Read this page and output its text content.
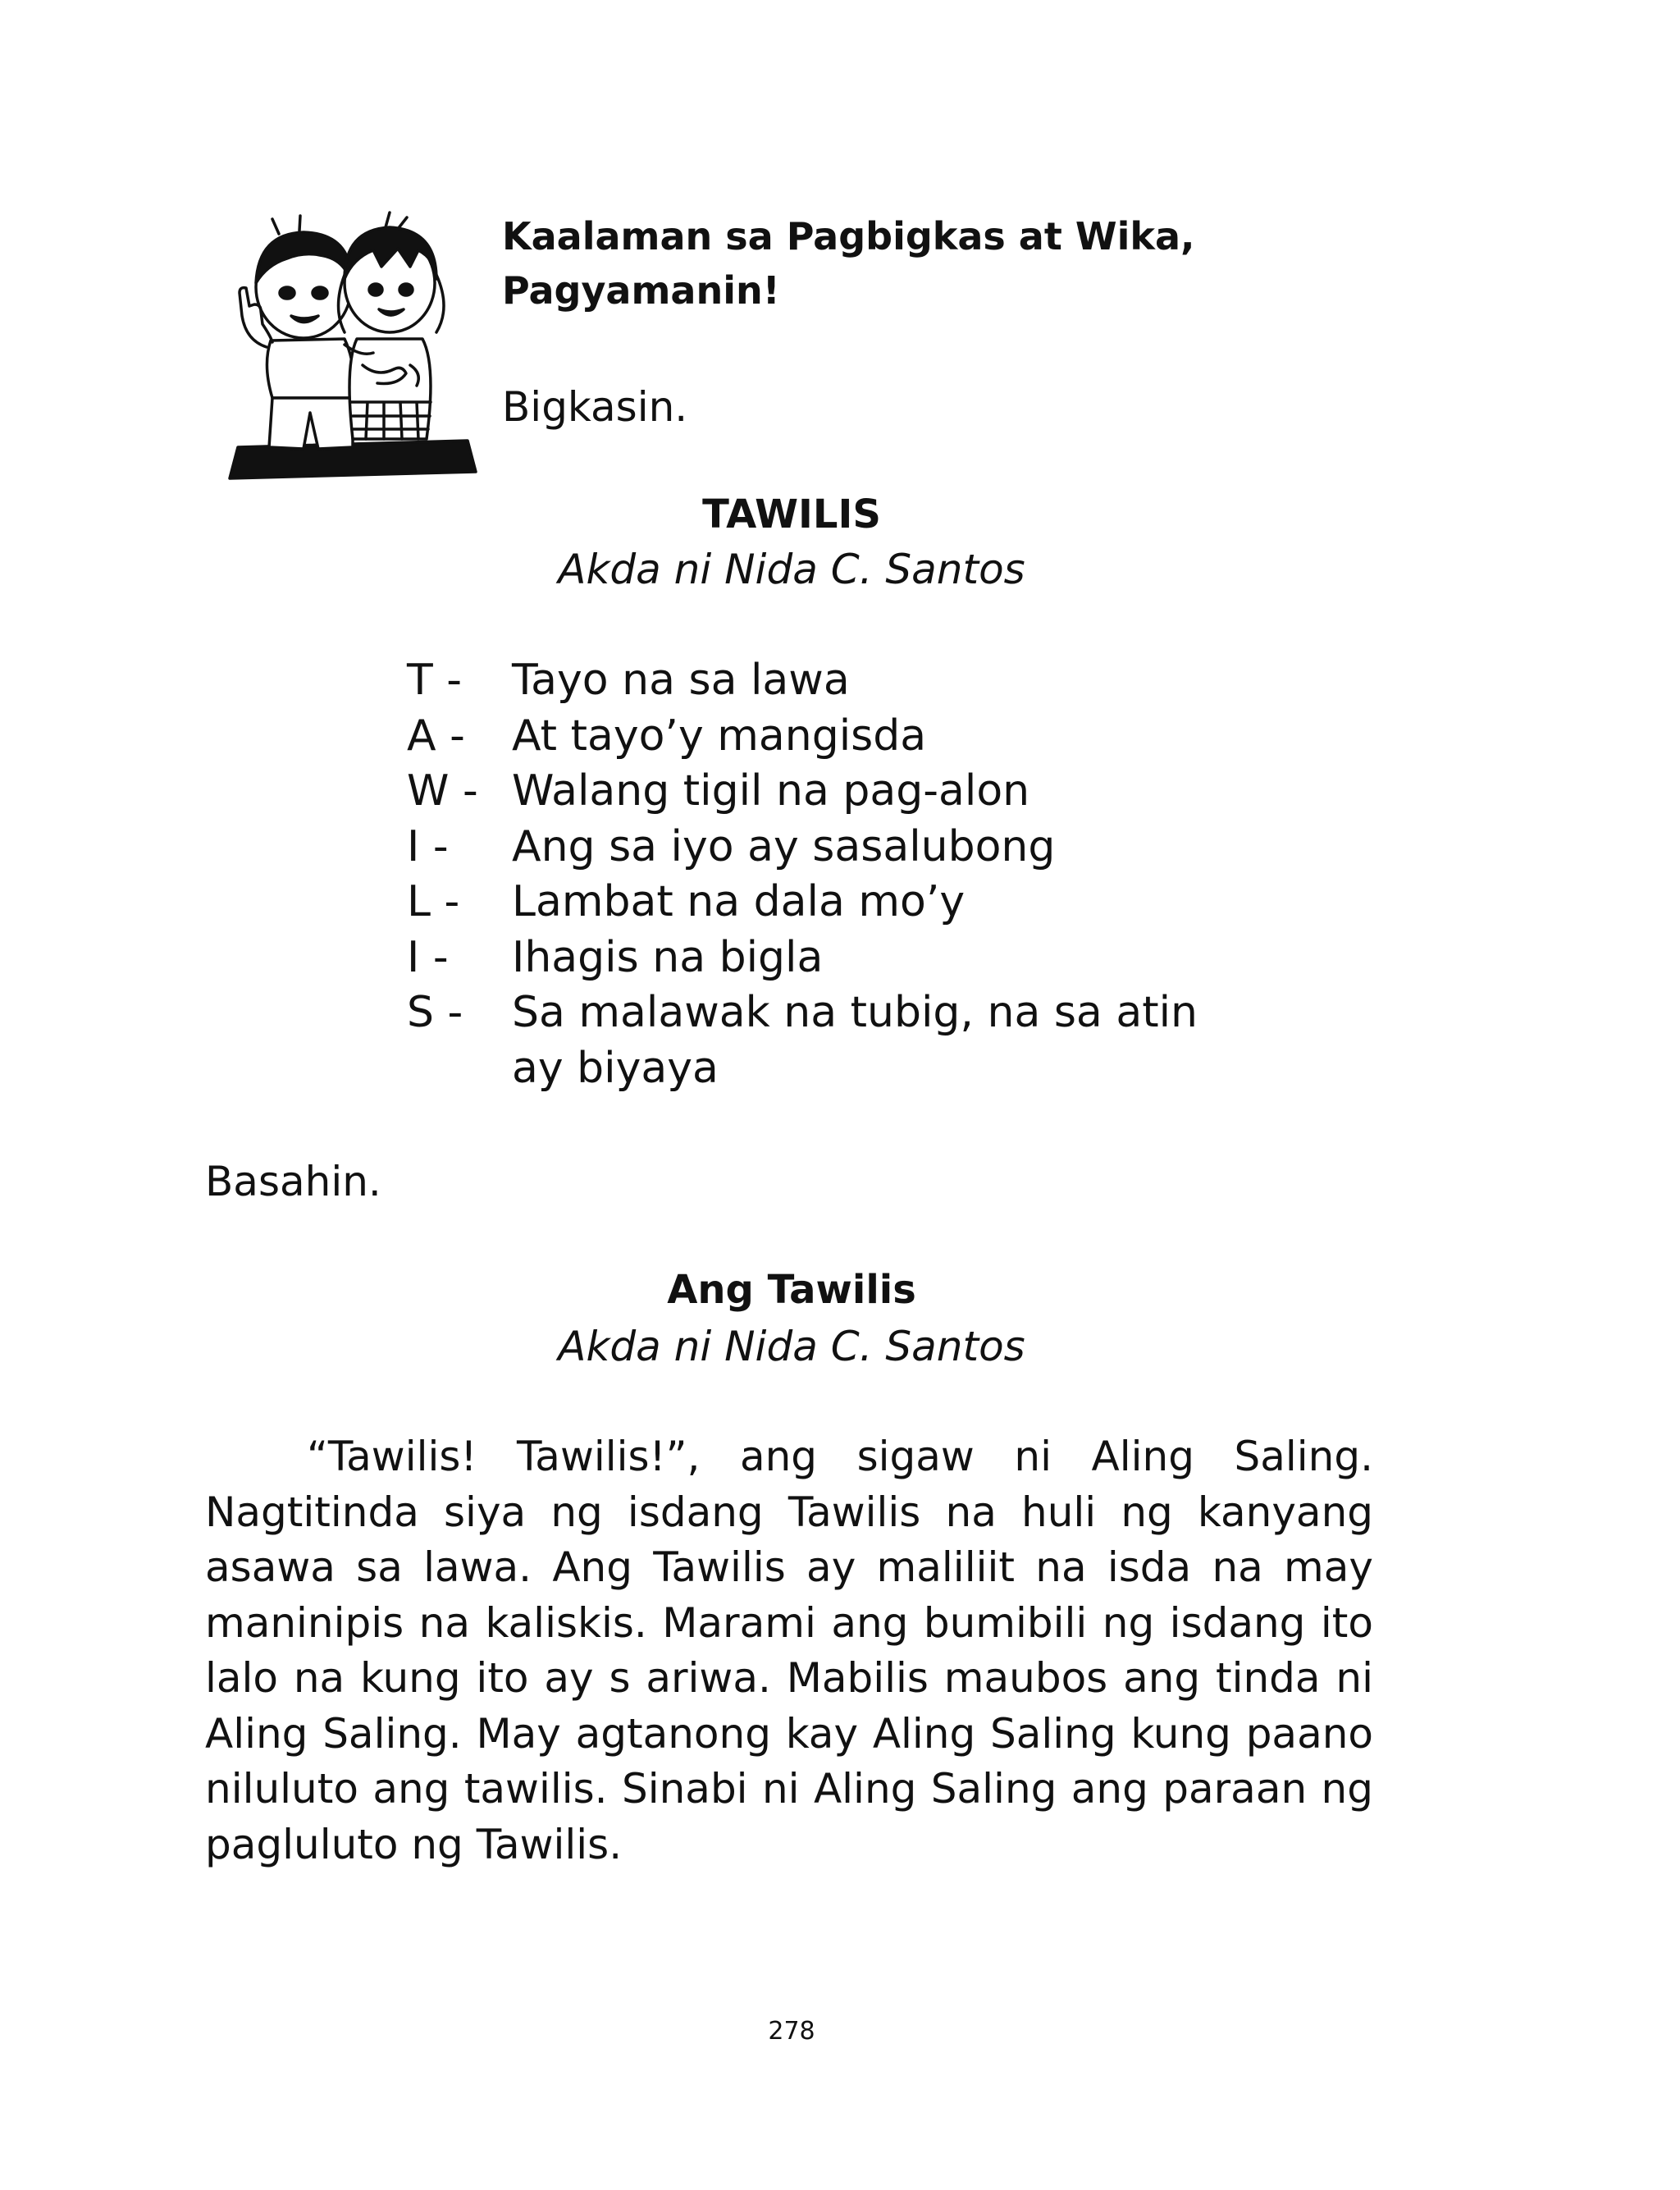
Kaalaman sa Pagbigkas at Wika,
Pagyamanin!

Bigkasin.

TAWILIS

Akda ni Nida C. Santos

T -	Tayo na sa lawa
A -	At tayo’y mangisda
W - Walang tigil na pag-alon
I -	Ang sa iyo ay sasalubong
L -	Lambat na dala mo’y
I -	Ihagis na bigla
S -	Sa malawak na tubig, na sa atin ay biyaya

Basahin.

Ang Tawilis

Akda ni Nida C. Santos

“Tawilis! Tawilis!”, ang sigaw ni Aling Saling. Nagtitinda siya ng isdang Tawilis na huli ng kanyang asawa sa lawa. Ang Tawilis ay maliliit na isda na may maninipis na kaliskis. Marami ang bumibili ng isdang ito lalo na kung ito ay s ariwa. Mabilis maubos ang tinda ni Aling Saling. May agtanong kay Aling Saling kung paano niluluto ang tawilis. Sinabi ni Aling Saling ang paraan ng pagluluto ng Tawilis.

278
